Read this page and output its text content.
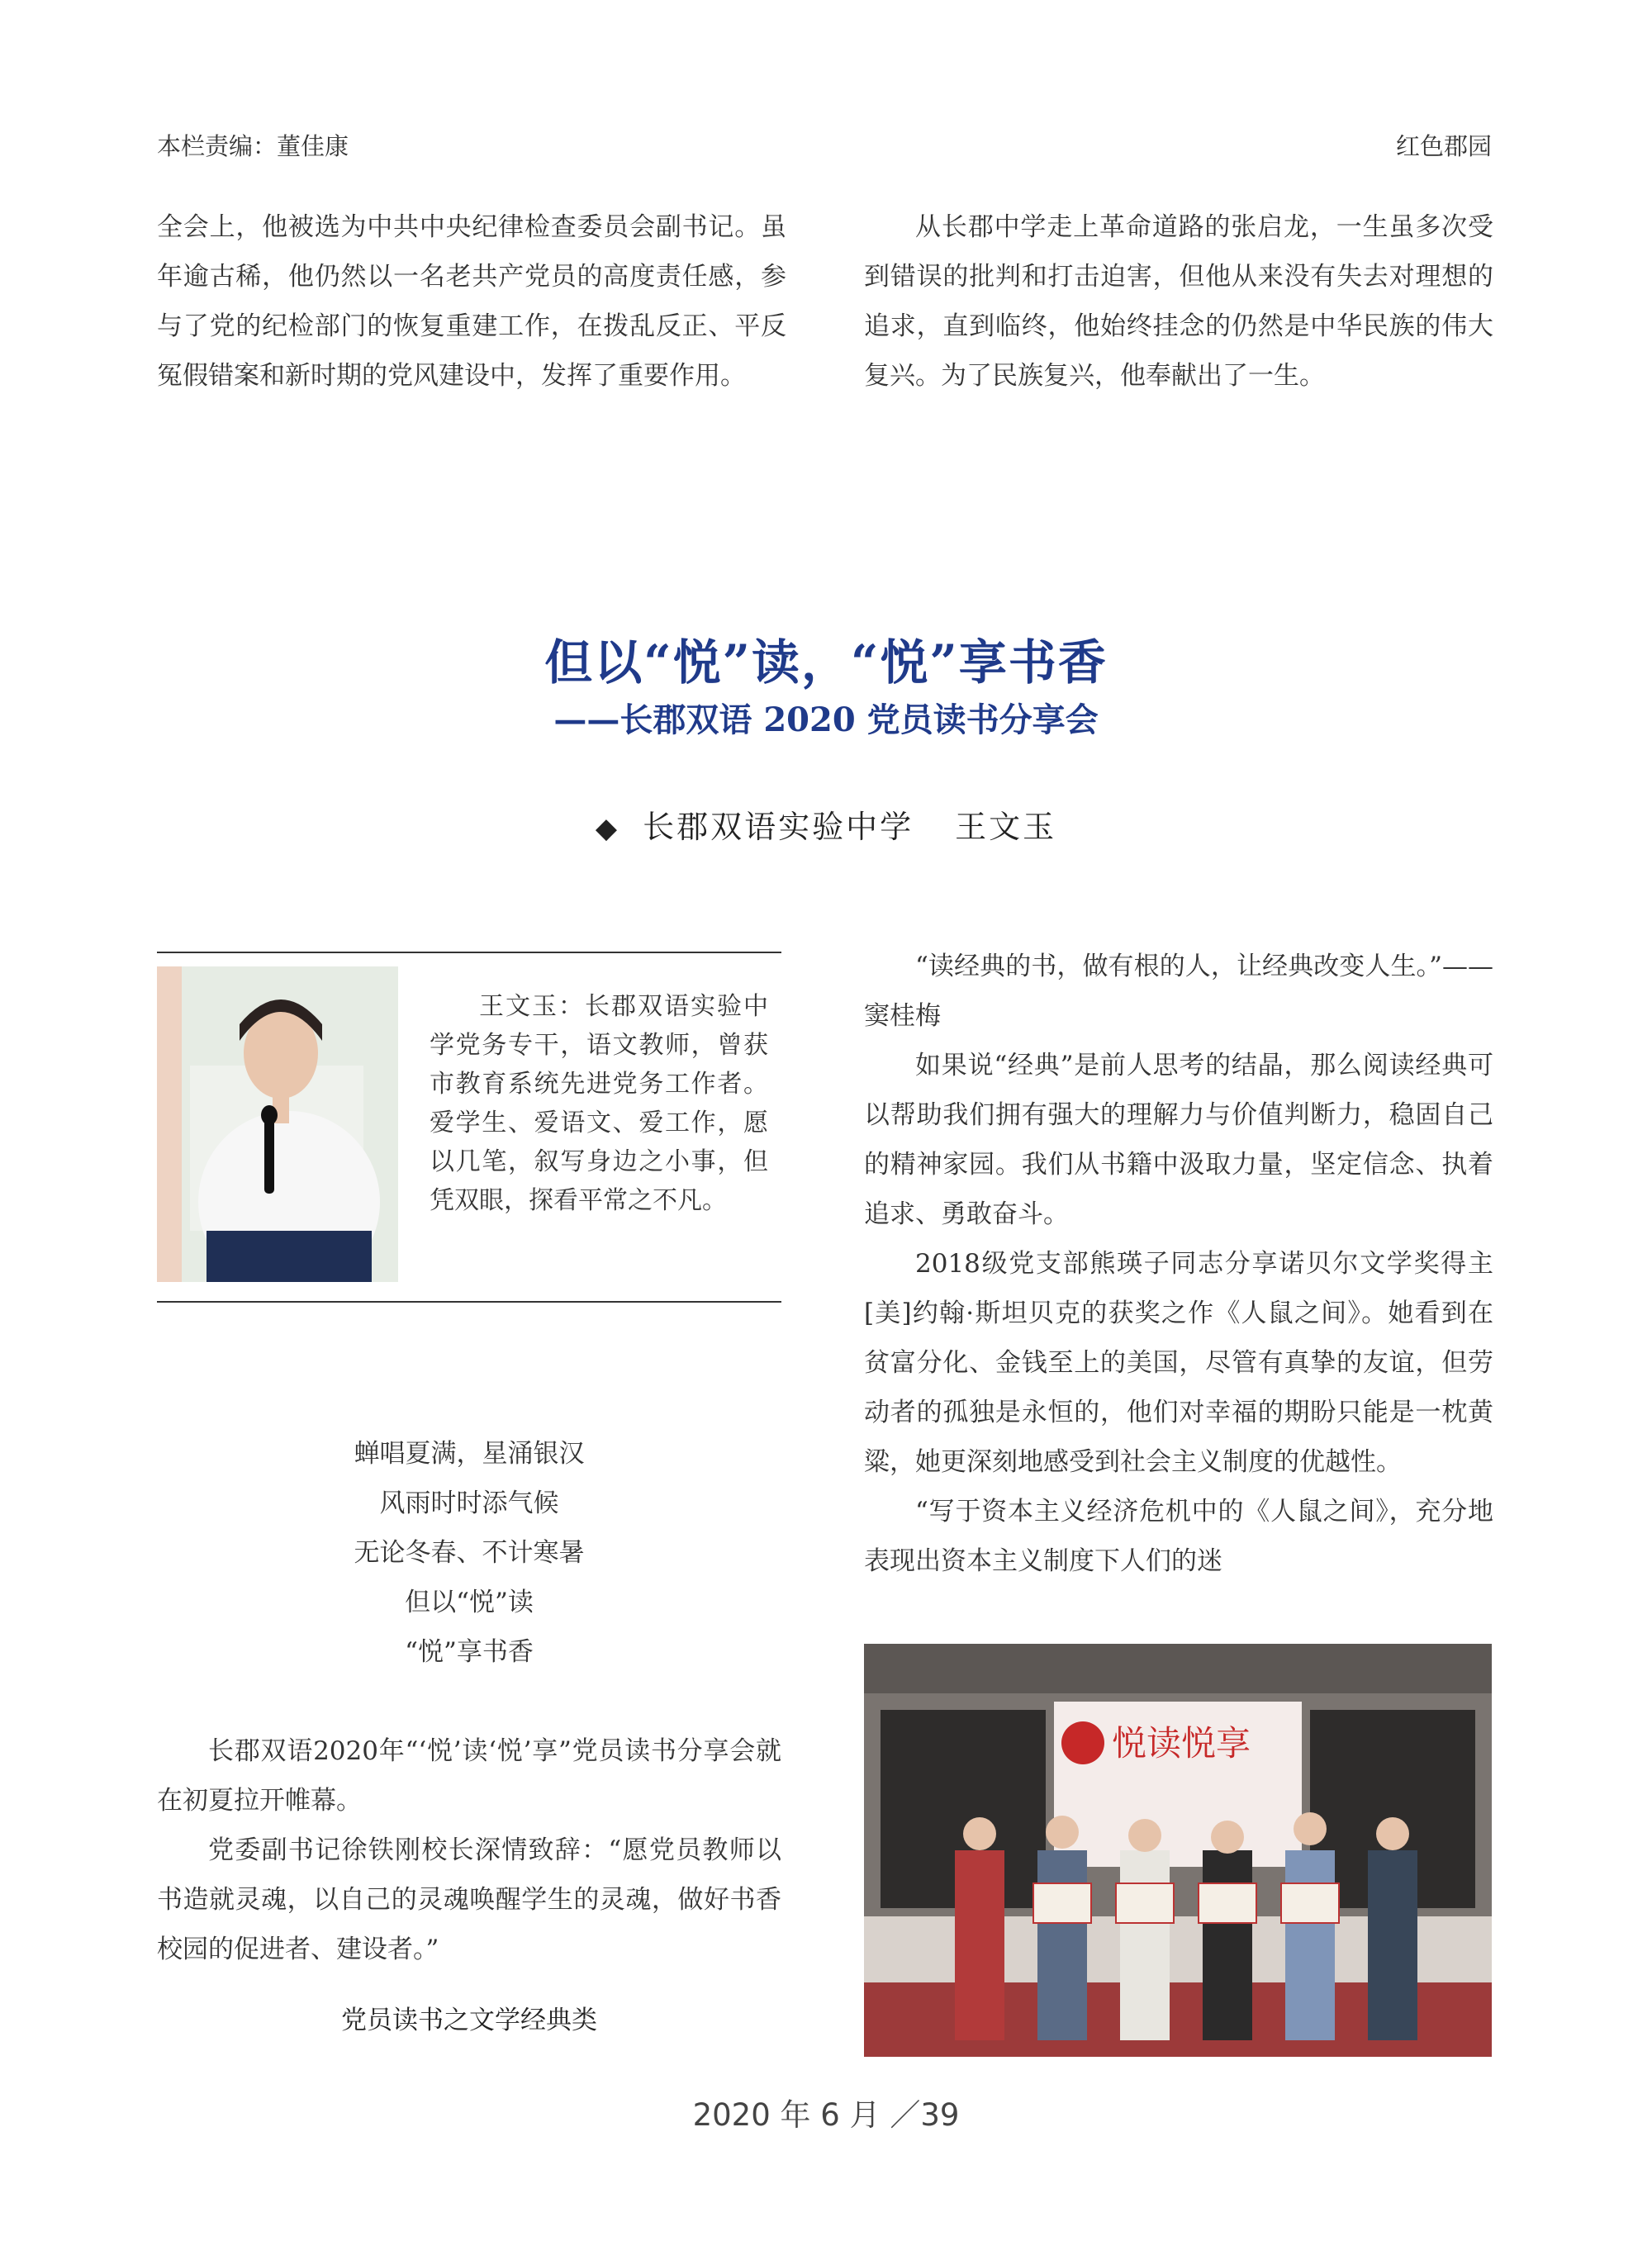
本栏责编：董佳康	红色郡园

全会上，他被选为中共中央纪律检查委员会副书记。虽年逾古稀，他仍然以一名老共产党员的高度责任感，参与了党的纪检部门的恢复重建工作，在拨乱反正、平反冤假错案和新时期的党风建设中，发挥了重要作用。

从长郡中学走上革命道路的张启龙，一生虽多次受到错误的批判和打击迫害，但他从来没有失去对理想的追求，直到临终，他始终挂念的仍然是中华民族的伟大复兴。为了民族复兴，他奉献出了一生。

但以“悦”读，“悦”享书香
——长郡双语 2020 党员读书分享会
◆ 长郡双语实验中学 王文玉
王文玉：长郡双语实验中学党务专干，语文教师，曾获市教育系统先进党务工作者。爱学生、爱语文、爱工作，愿以几笔，叙写身边之小事，但凭双眼，探看平常之不凡。
蝉唱夏满，星涌银汉
风雨时时添气候
无论冬春、不计寒暑
但以“悦”读
“悦”享书香

长郡双语2020年“‘悦’读‘悦’享”党员读书分享会就在初夏拉开帷幕。

党委副书记徐铁刚校长深情致辞：“愿党员教师以书造就灵魂，以自己的灵魂唤醒学生的灵魂，做好书香校园的促进者、建设者。”

党员读书之文学经典类

“读经典的书，做有根的人，让经典改变人生。”——窦桂梅

如果说“经典”是前人思考的结晶，那么阅读经典可以帮助我们拥有强大的理解力与价值判断力，稳固自己的精神家园。我们从书籍中汲取力量，坚定信念、执着追求、勇敢奋斗。

2018级党支部熊瑛子同志分享诺贝尔文学奖得主[美]约翰·斯坦贝克的获奖之作《人鼠之间》。她看到在贫富分化、金钱至上的美国，尽管有真挚的友谊，但劳动者的孤独是永恒的，他们对幸福的期盼只能是一枕黄粱，她更深刻地感受到社会主义制度的优越性。

“写于资本主义经济危机中的《人鼠之间》，充分地表现出资本主义制度下人们的迷

悦读悦享
2020 年 6 月 ／39
